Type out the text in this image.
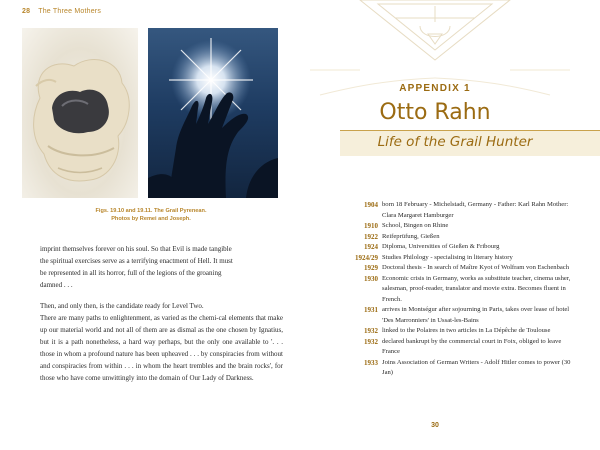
28 The Three Mothers
Figs. 19.10 and 19.11. The Grail Pyrenean.
Photos by Remei and Joseph.

imprint themselves forever on his soul. So that Evil is made tangible

the spiritual exercises serve as a terrifying enactment of Hell. It must

be represented in all its horror, full of the legions of the groaning

damned . . .

Then, and only then, is the candidate ready for Level Two.

There are many paths to enlightenment, as varied as the chemi-cal elements that make up our material world and not all of them are as dismal as the one chosen by Ignatius, but it is a path nonetheless, a hard way perhaps, but the only one available to '. . . those in whom a profound nature has been upheaved . . . by conspiracies from without and conspiracies from within . . . in whom the heart trembles and the brain rocks', for those who have come unwittingly into the domain of Our Lady of Darkness.

APPENDIX 1
Otto Rahn
Life of the Grail Hunter
1904 born 18 February - Michelstadt, Germany - Father: Karl Rahn Mother: Clara Margaret Hamburger
1910 School, Bingen on Rhine
1922 Reifeprüfung, Gießen
1924 Diploma, Universities of Gießen & Fribourg
1924/29 Studies Philology - specialising in literary history
1929 Doctoral thesis - In search of Maître Kyot of Wolfram von Eschenbach
1930 Economic crisis in Germany, works as substitute teacher, cinema usher, salesman, proof-reader, translator and movie extra. Becomes fluent in French.
1931 arrives in Montségur after sojourning in Paris, takes over lease of hotel 'Des Marronniers' in Ussat-les-Bains
1932 linked to the Polaires in two articles in La Dépêche de Toulouse
1932 declared bankrupt by the commercial court in Foix, obliged to leave France
1933 Joins Association of German Writers - Adolf Hitler comes to power (30 Jan)
30
